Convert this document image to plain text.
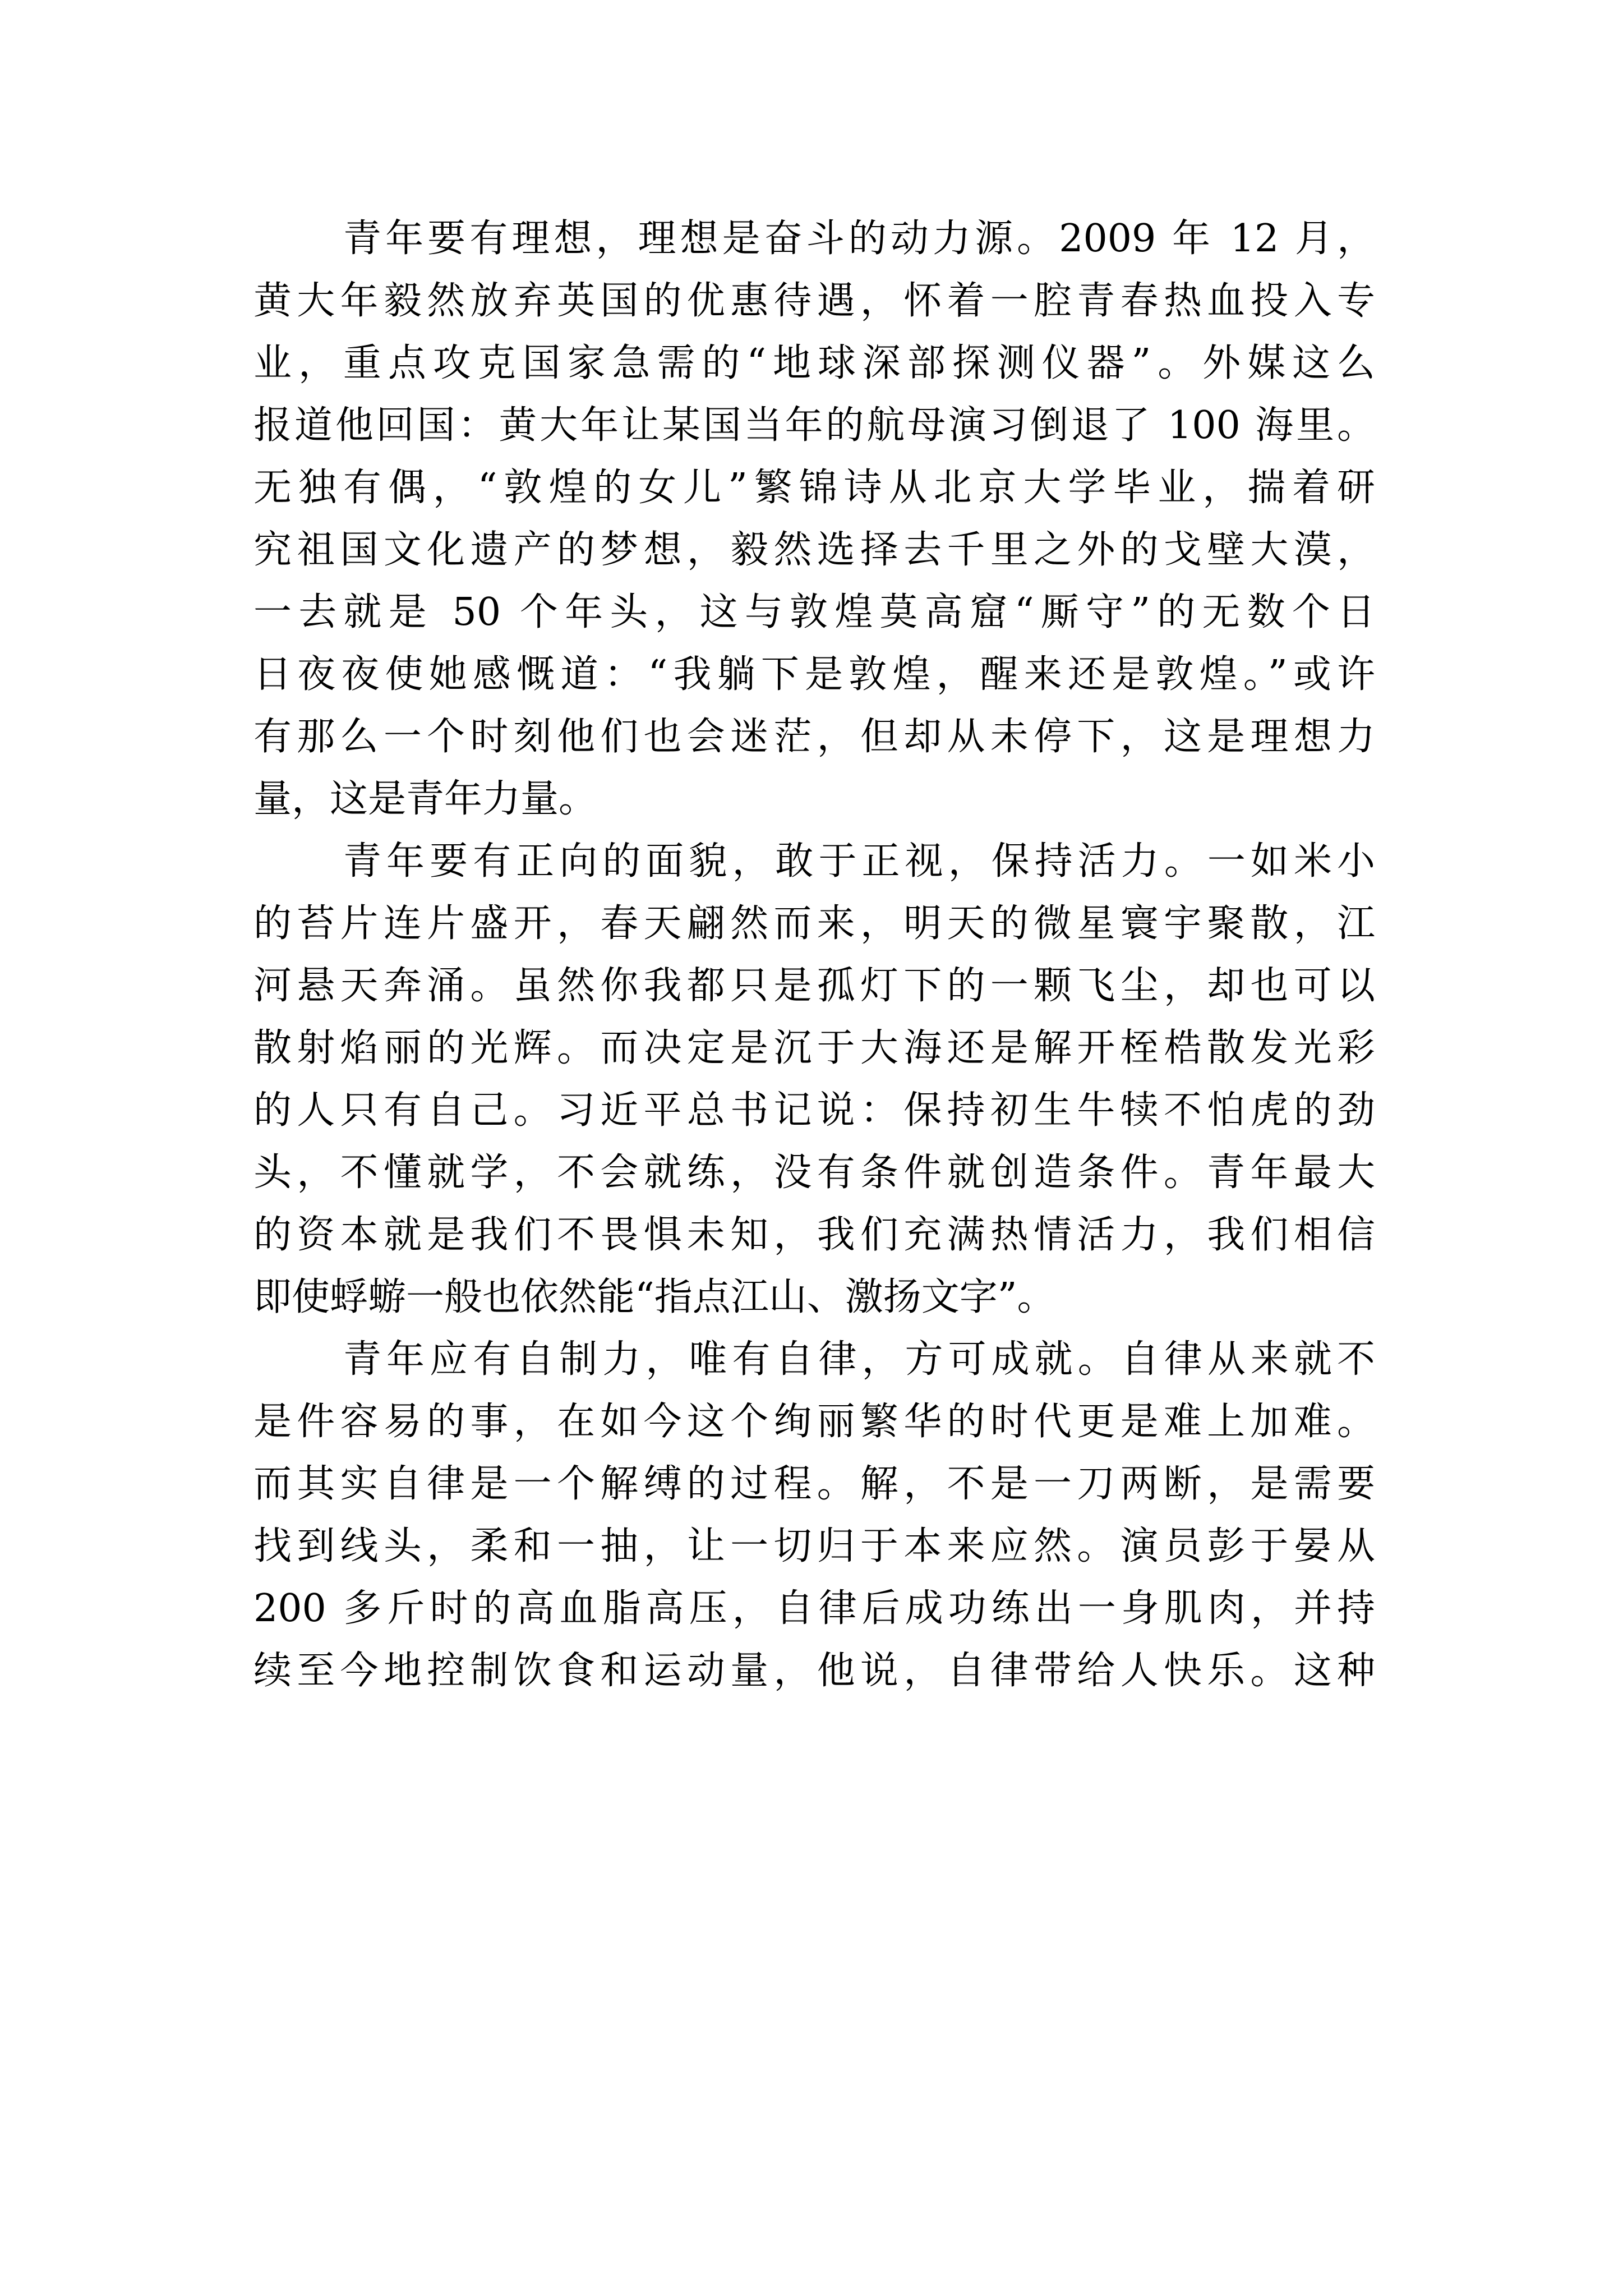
青年要有理想，理想是奋斗的动力源。2009 年 12 月，
黄大年毅然放弃英国的优惠待遇，怀着一腔青春热血投入专
业，重点攻克国家急需的“地球深部探测仪器”。外媒这么
报道他回国：黄大年让某国当年的航母演习倒退了 100 海里。
无独有偶，“敦煌的女儿”繁锦诗从北京大学毕业，揣着研
究祖国文化遗产的梦想，毅然选择去千里之外的戈壁大漠，
一去就是 50 个年头，这与敦煌莫高窟“厮守”的无数个日
日夜夜使她感慨道：“我躺下是敦煌，醒来还是敦煌。”或许
有那么一个时刻他们也会迷茫，但却从未停下，这是理想力
量，这是青年力量。
青年要有正向的面貌，敢于正视，保持活力。一如米小
的苔片连片盛开，春天翩然而来，明天的微星寰宇聚散，江
河悬天奔涌。虽然你我都只是孤灯下的一颗飞尘，却也可以
散射焰丽的光辉。而决定是沉于大海还是解开桎梏散发光彩
的人只有自己。习近平总书记说：保持初生牛犊不怕虎的劲
头，不懂就学，不会就练，没有条件就创造条件。青年最大
的资本就是我们不畏惧未知，我们充满热情活力，我们相信
即使蜉蝣一般也依然能“指点江山、激扬文字”。
青年应有自制力，唯有自律，方可成就。自律从来就不
是件容易的事，在如今这个绚丽繁华的时代更是难上加难。
而其实自律是一个解缚的过程。解，不是一刀两断，是需要
找到线头，柔和一抽，让一切归于本来应然。演员彭于晏从
200 多斤时的高血脂高压，自律后成功练出一身肌肉，并持
续至今地控制饮食和运动量，他说，自律带给人快乐。这种
